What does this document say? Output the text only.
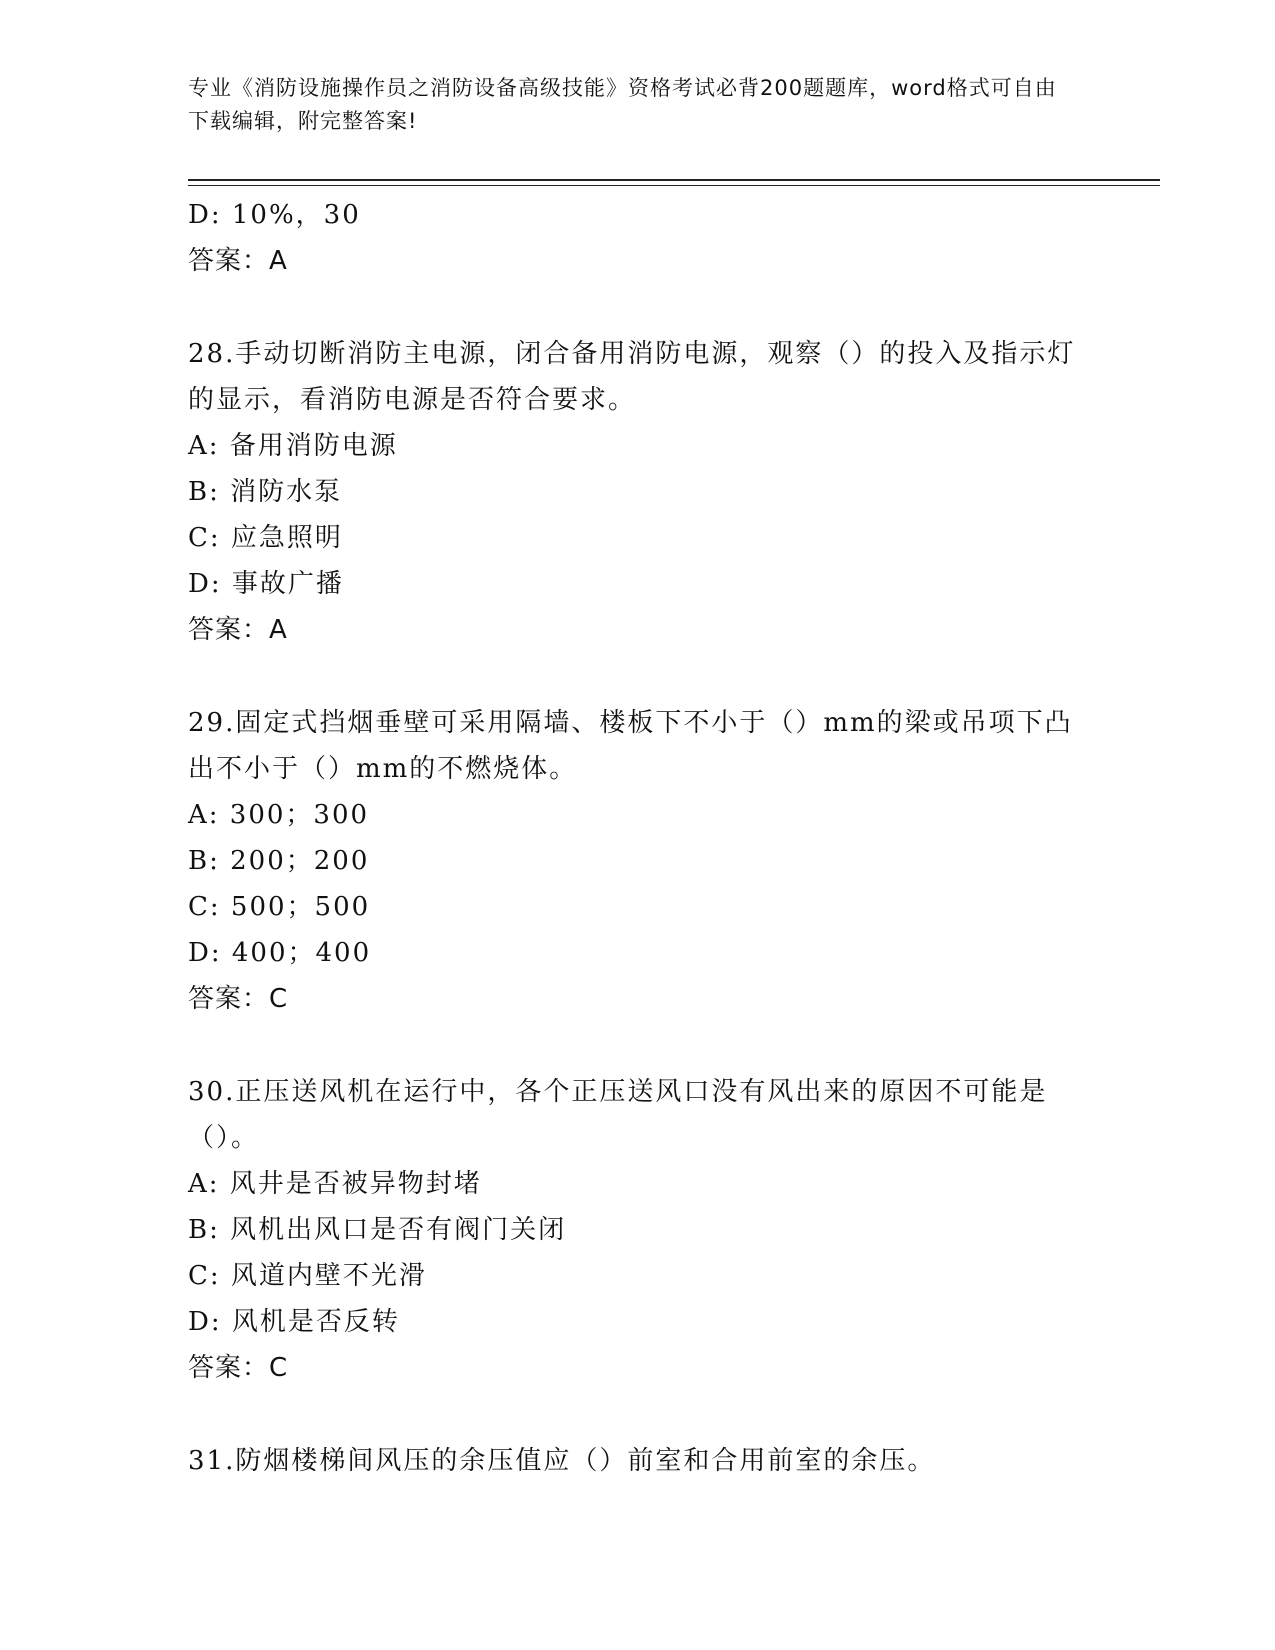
专业《消防设施操作员之消防设备高级技能》资格考试必背200题题库，word格式可自由下载编辑，附完整答案!
D: 10%，30
答案：A
28.手动切断消防主电源，闭合备用消防电源，观察（）的投入及指示灯的显示，看消防电源是否符合要求。
A: 备用消防电源
B: 消防水泵
C: 应急照明
D: 事故广播
答案：A
29.固定式挡烟垂壁可采用隔墙、楼板下不小于（）mm的梁或吊项下凸出不小于（）mm的不燃烧体。
A: 300；300
B: 200；200
C: 500；500
D: 400；400
答案：C
30.正压送风机在运行中，各个正压送风口没有风出来的原因不可能是（）。
A: 风井是否被异物封堵
B: 风机出风口是否有阀门关闭
C: 风道内壁不光滑
D: 风机是否反转
答案：C
31.防烟楼梯间风压的余压值应（）前室和合用前室的余压。
